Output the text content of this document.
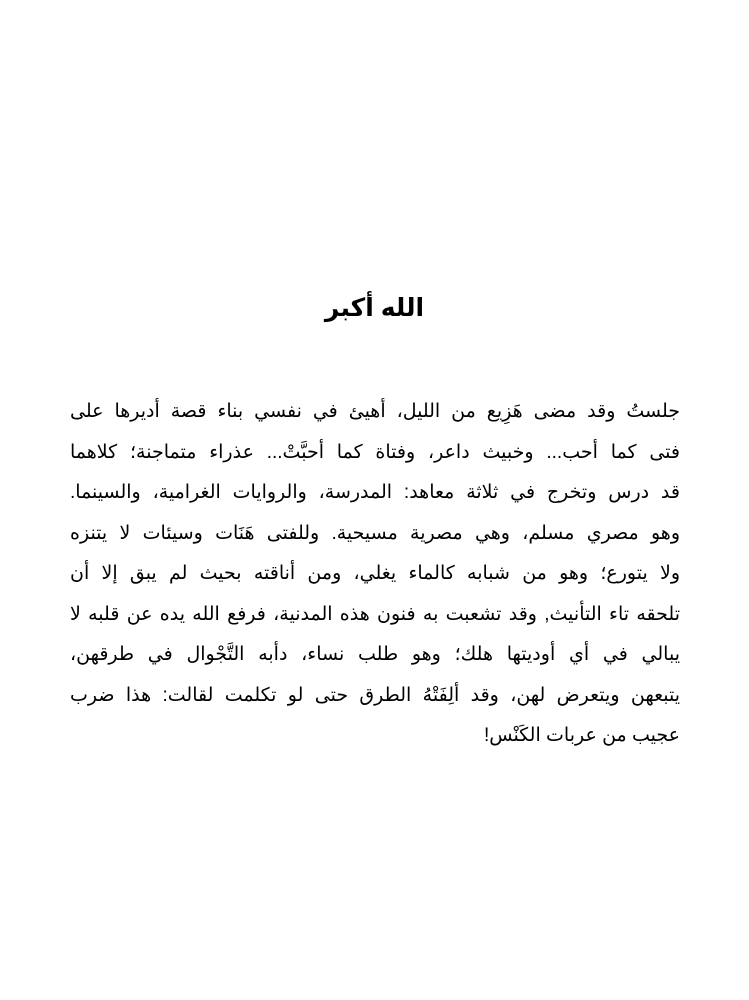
الله أكبر
جلستُ وقد مضى هَزِيع من الليل، أهيئ في نفسي بناء قصة أديرها على
فتى كما أحب... وخبيث داعر، وفتاة كما أحبَّتْ... عذراء متماجنة؛ كلاهما
قد درس وتخرج في ثلاثة معاهد: المدرسة، والروايات الغرامية، والسينما.
وهو مصري مسلم، وهي مصرية مسيحية. وللفتى هَنَات وسيئات لا يتنزه
ولا يتورع؛ وهو من شبابه كالماء يغلي، ومن أناقته بحيث لم يبق إلا أن
تلحقه تاء التأنيث, وقد تشعبت به فنون هذه المدنية، فرفع الله يده عن قلبه لا
يبالي في أي أوديتها هلك؛ وهو طلب نساء، دأبه التَّجْوال في طرقهن،
يتبعهن ويتعرض لهن، وقد ألِفَتْهُ الطرق حتى لو تكلمت لقالت: هذا ضرب
عجيب من عربات الكَنْس!
